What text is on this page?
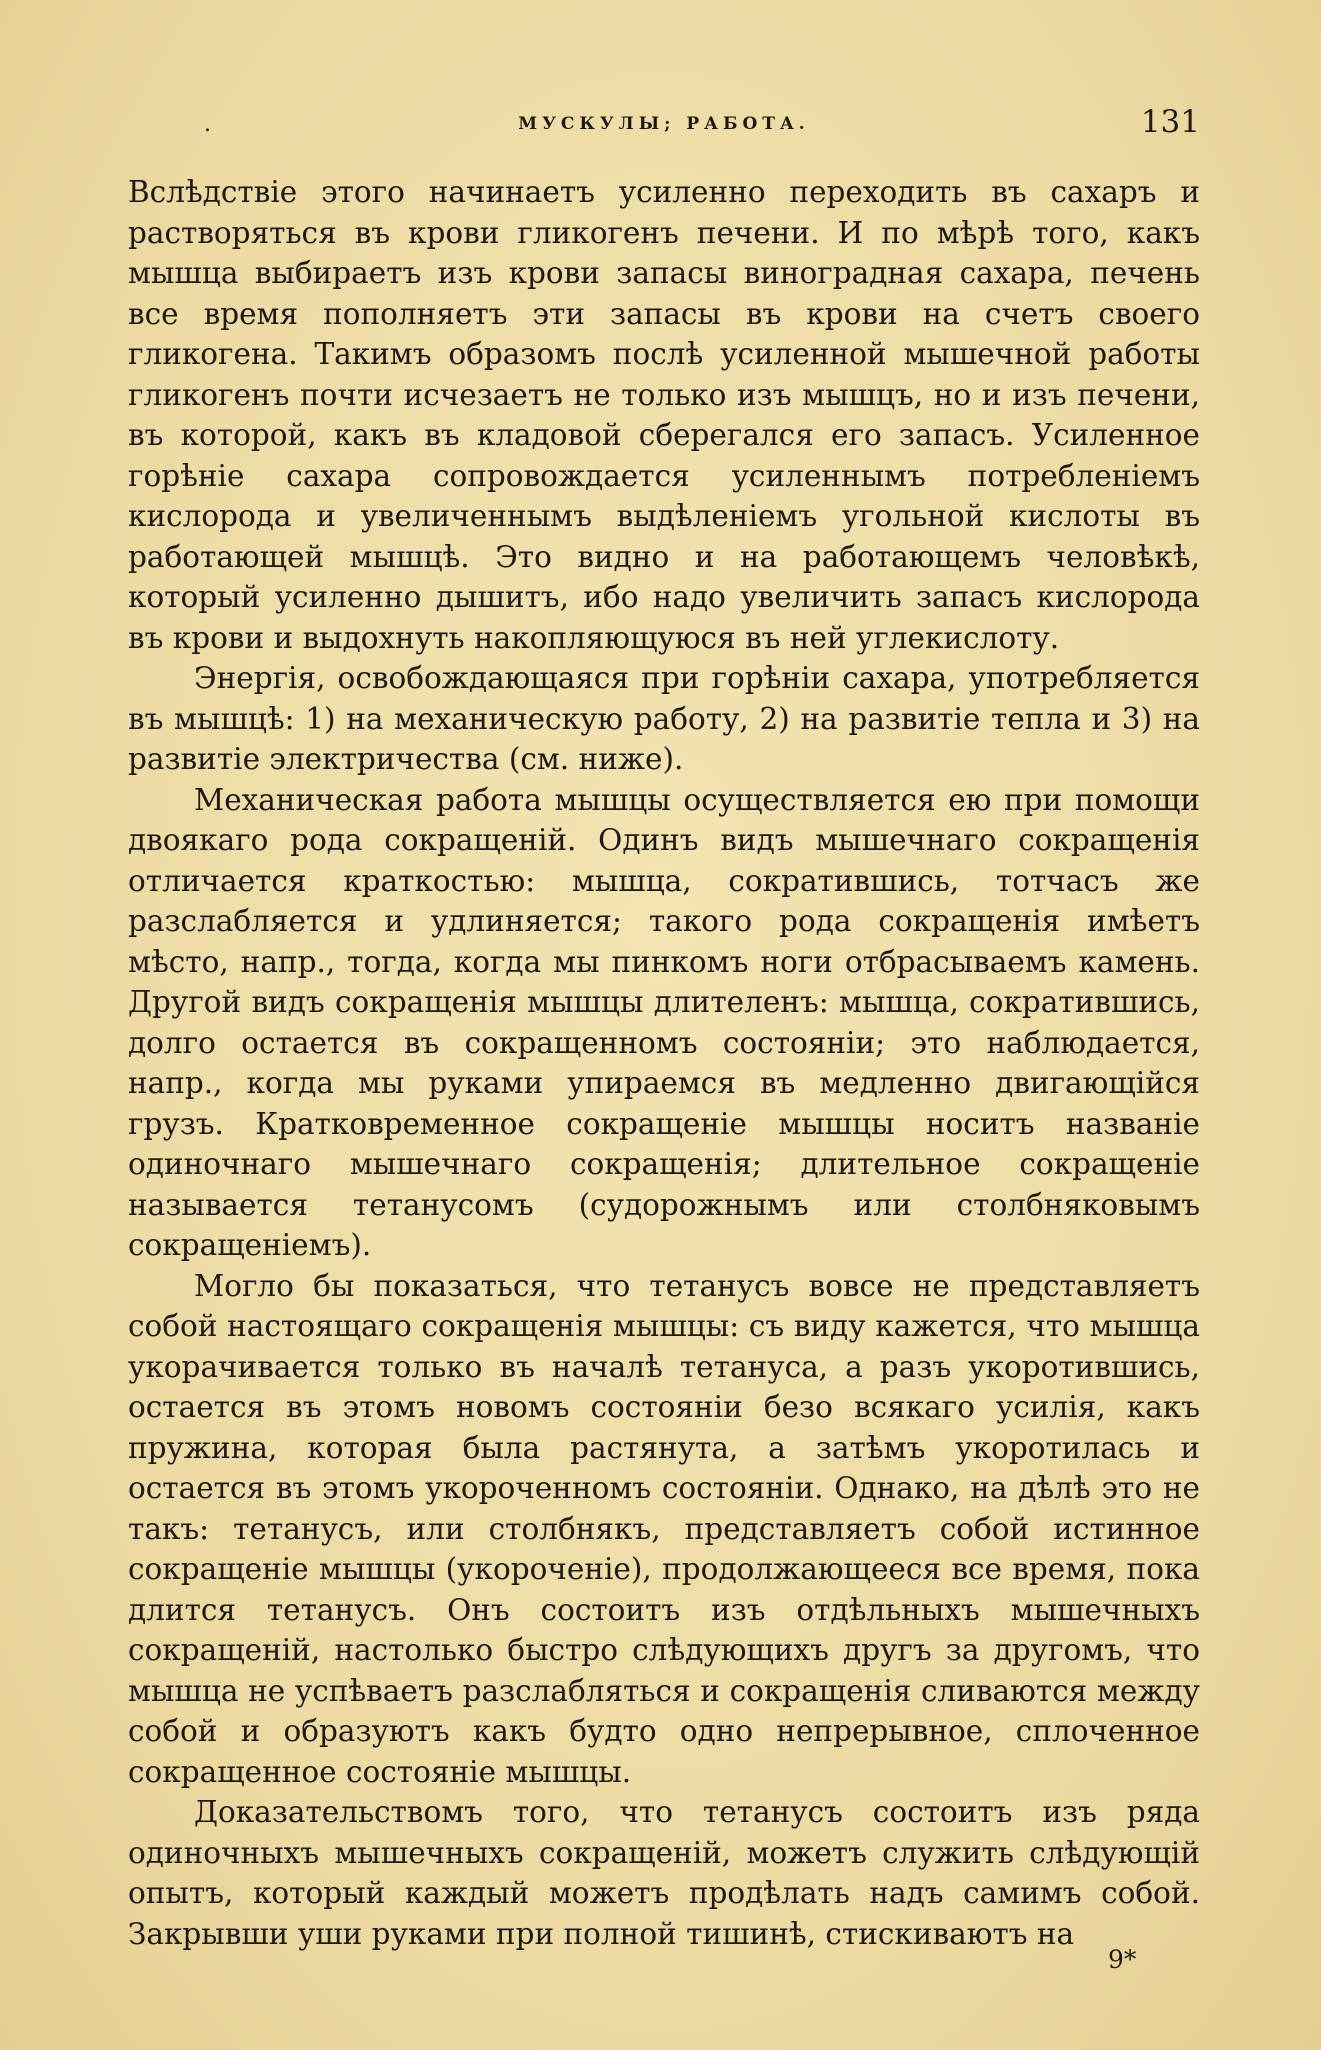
.	МУСКУЛЫ; РАБОТА.	131

Вслѣдствіе этого начинаетъ усиленно переходить въ сахаръ и растворяться въ крови гликогенъ печени. И по мѣрѣ того, какъ мышца выбираетъ изъ крови запасы виноградная сахара, печень все время пополняетъ эти запасы въ крови на счетъ своего гликогена. Такимъ образомъ послѣ усиленной мышечной работы гликогенъ почти исчезаетъ не только изъ мышцъ, но и изъ печени, въ которой, какъ въ кладовой сберегался его запасъ. Усиленное горѣніе сахара сопровождается усиленнымъ потребленіемъ кислорода и увеличеннымъ выдѣленіемъ угольной кислоты въ работающей мышцѣ. Это видно и на работающемъ человѣкѣ, который усиленно дышитъ, ибо надо увеличить запасъ кислорода въ крови и выдохнуть накопляющуюся въ ней углекислоту.

Энергія, освобождающаяся при горѣніи сахара, употребляется въ мышцѣ: 1) на механическую работу, 2) на развитіе тепла и 3) на развитіе электричества (см. ниже).

Механическая работа мышцы осуществляется ею при помощи двоякаго рода сокращеній. Одинъ видъ мышечнаго сокращенія отличается краткостью: мышца, сократившись, тотчасъ же разслабляется и удлиняется; такого рода сокращенія имѣетъ мѣсто, напр., тогда, когда мы пинкомъ ноги отбрасываемъ камень. Другой видъ сокращенія мышцы длителенъ: мышца, сократившись, долго остается въ сокращенномъ состояніи; это наблюдается, напр., когда мы руками упираемся въ медленно двигающійся грузъ. Кратковременное сокращеніе мышцы носитъ названіе одиночнаго мышечнаго сокращенія; длительное сокращеніе называется тетанусомъ (судорожнымъ или столбняковымъ сокращеніемъ).

Могло бы показаться, что тетанусъ вовсе не представляетъ собой настоящаго сокращенія мышцы: съ виду кажется, что мышца укорачивается только въ началѣ тетануса, а разъ укоротившись, остается въ этомъ новомъ состояніи безо всякаго усилія, какъ пружина, которая была растянута, а затѣмъ укоротилась и остается въ этомъ укороченномъ состояніи. Однако, на дѣлѣ это не такъ: тетанусъ, или столбнякъ, представляетъ собой истинное сокращеніе мышцы (укороченіе), продолжающееся все время, пока длится тетанусъ. Онъ состоитъ изъ отдѣльныхъ мышечныхъ сокращеній, настолько быстро слѣдующихъ другъ за другомъ, что мышца не успѣваетъ разслабляться и сокращенія сливаются между собой и образуютъ какъ будто одно непрерывное, сплоченное сокращенное состояніе мышцы.

Доказательствомъ того, что тетанусъ состоитъ изъ ряда одиночныхъ мышечныхъ сокращеній, можетъ служить слѣдующій опытъ, который каждый можетъ продѣлать надъ самимъ собой. Закрывши уши руками при полной тишинѣ, стискиваютъ на

9*
